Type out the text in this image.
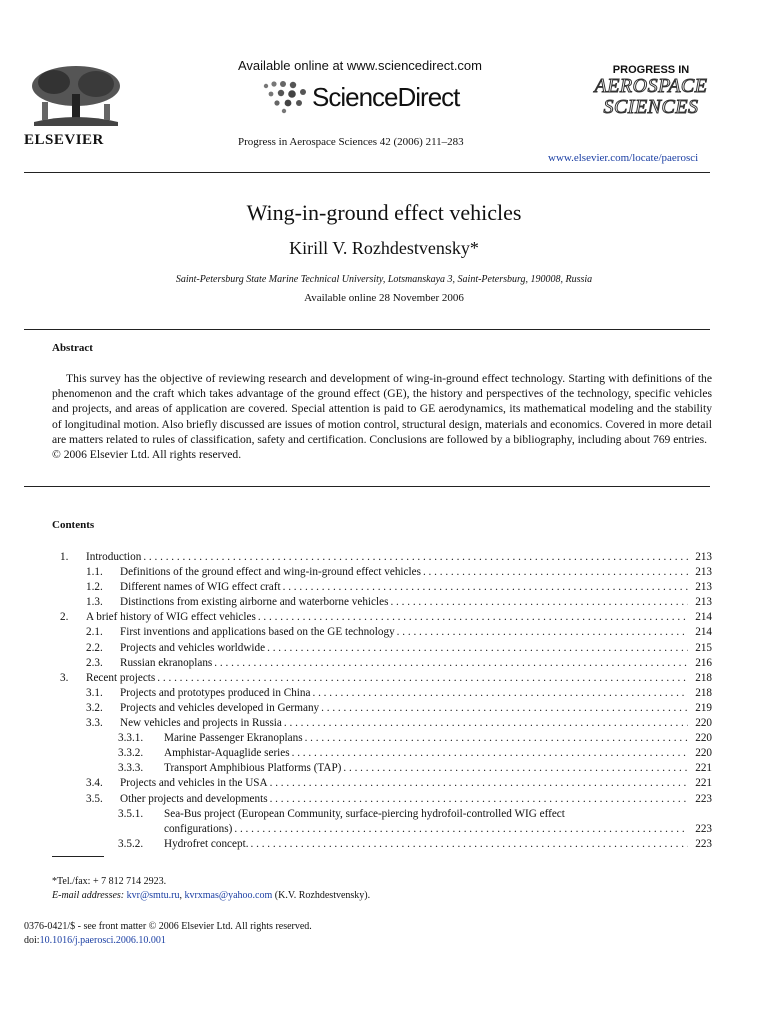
ELSEVIER
Available online at www.sciencedirect.com
ScienceDirect
Progress in Aerospace Sciences 42 (2006) 211–283
PROGRESS IN
AEROSPACE
SCIENCES
www.elsevier.com/locate/paerosci
Wing-in-ground effect vehicles
Kirill V. Rozhdestvensky*
Saint-Petersburg State Marine Technical University, Lotsmanskaya 3, Saint-Petersburg, 190008, Russia
Available online 28 November 2006
Abstract

This survey has the objective of reviewing research and development of wing-in-ground effect technology. Starting with definitions of the phenomenon and the craft which takes advantage of the ground effect (GE), the history and perspectives of the technology, specific vehicles and projects, and areas of application are covered. Special attention is paid to GE aerodynamics, its mathematical modeling and the stability of longitudinal motion. Also briefly discussed are issues of motion control, structural design, materials and economics. Covered in more detail are matters related to rules of classification, safety and certification. Conclusions are followed by a bibliography, including about 769 entries.

© 2006 Elsevier Ltd. All rights reserved.

Contents
1. Introduction . . .	213
1.1. Definitions of the ground effect and wing-in-ground effect vehicles . . .	213
1.2. Different names of WIG effect craft . . .	213
1.3. Distinctions from existing airborne and waterborne vehicles . . .	213
2. A brief history of WIG effect vehicles . . .	214
2.1. First inventions and applications based on the GE technology . . .	214
2.2. Projects and vehicles worldwide . . .	215
2.3. Russian ekranoplans . . .	216
3. Recent projects . . .	218
3.1. Projects and prototypes produced in China . . .	218
3.2. Projects and vehicles developed in Germany . . .	219
3.3. New vehicles and projects in Russia . . .	220
3.3.1. Marine Passenger Ekranoplans . . .	220
3.3.2. Amphistar-Aquaglide series . . .	220
3.3.3. Transport Amphibious Platforms (TAP) . . .	221
3.4. Projects and vehicles in the USA . . .	221
3.5. Other projects and developments . . .	223
3.5.1. Sea-Bus project (European Community, surface-piercing hydrofoil-controlled WIG effect
configurations) . . .	223
3.5.2. Hydrofret concept. . . .	223
*Tel./fax: + 7 812 714 2923.
E-mail addresses: kvr@smtu.ru, kvrxmas@yahoo.com (K.V. Rozhdestvensky).
0376-0421/$ - see front matter © 2006 Elsevier Ltd. All rights reserved.
doi:10.1016/j.paerosci.2006.10.001
